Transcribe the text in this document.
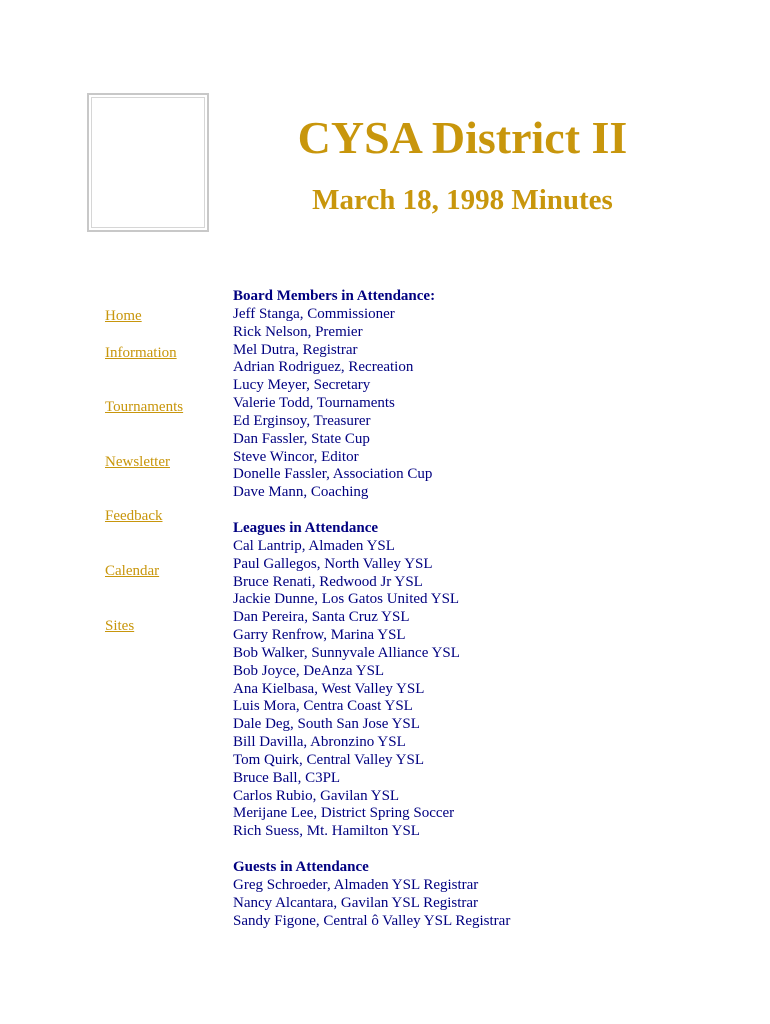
CYSA District II
March 18, 1998 Minutes
Home
Information
Tournaments
Newsletter
Feedback
Calendar
Sites
Board Members in Attendance:
Jeff Stanga, Commissioner
Rick Nelson, Premier
Mel Dutra, Registrar
Adrian Rodriguez, Recreation
Lucy Meyer, Secretary
Valerie Todd, Tournaments
Ed Erginsoy, Treasurer
Dan Fassler, State Cup
Steve Wincor, Editor
Donelle Fassler, Association Cup
Dave Mann, Coaching
Leagues in Attendance
Cal Lantrip, Almaden YSL
Paul Gallegos, North Valley YSL
Bruce Renati, Redwood Jr YSL
Jackie Dunne, Los Gatos United YSL
Dan Pereira, Santa Cruz YSL
Garry Renfrow, Marina YSL
Bob Walker, Sunnyvale Alliance YSL
Bob Joyce, DeAnza YSL
Ana Kielbasa, West Valley YSL
Luis Mora, Centra Coast YSL
Dale Deg, South San Jose YSL
Bill Davilla, Abronzino YSL
Tom Quirk, Central Valley YSL
Bruce Ball, C3PL
Carlos Rubio, Gavilan YSL
Merijane Lee, District Spring Soccer
Rich Suess, Mt. Hamilton YSL
Guests in Attendance
Greg Schroeder, Almaden YSL Registrar
Nancy Alcantara, Gavilan YSL Registrar
Sandy Figone, Central ô Valley YSL Registrar
